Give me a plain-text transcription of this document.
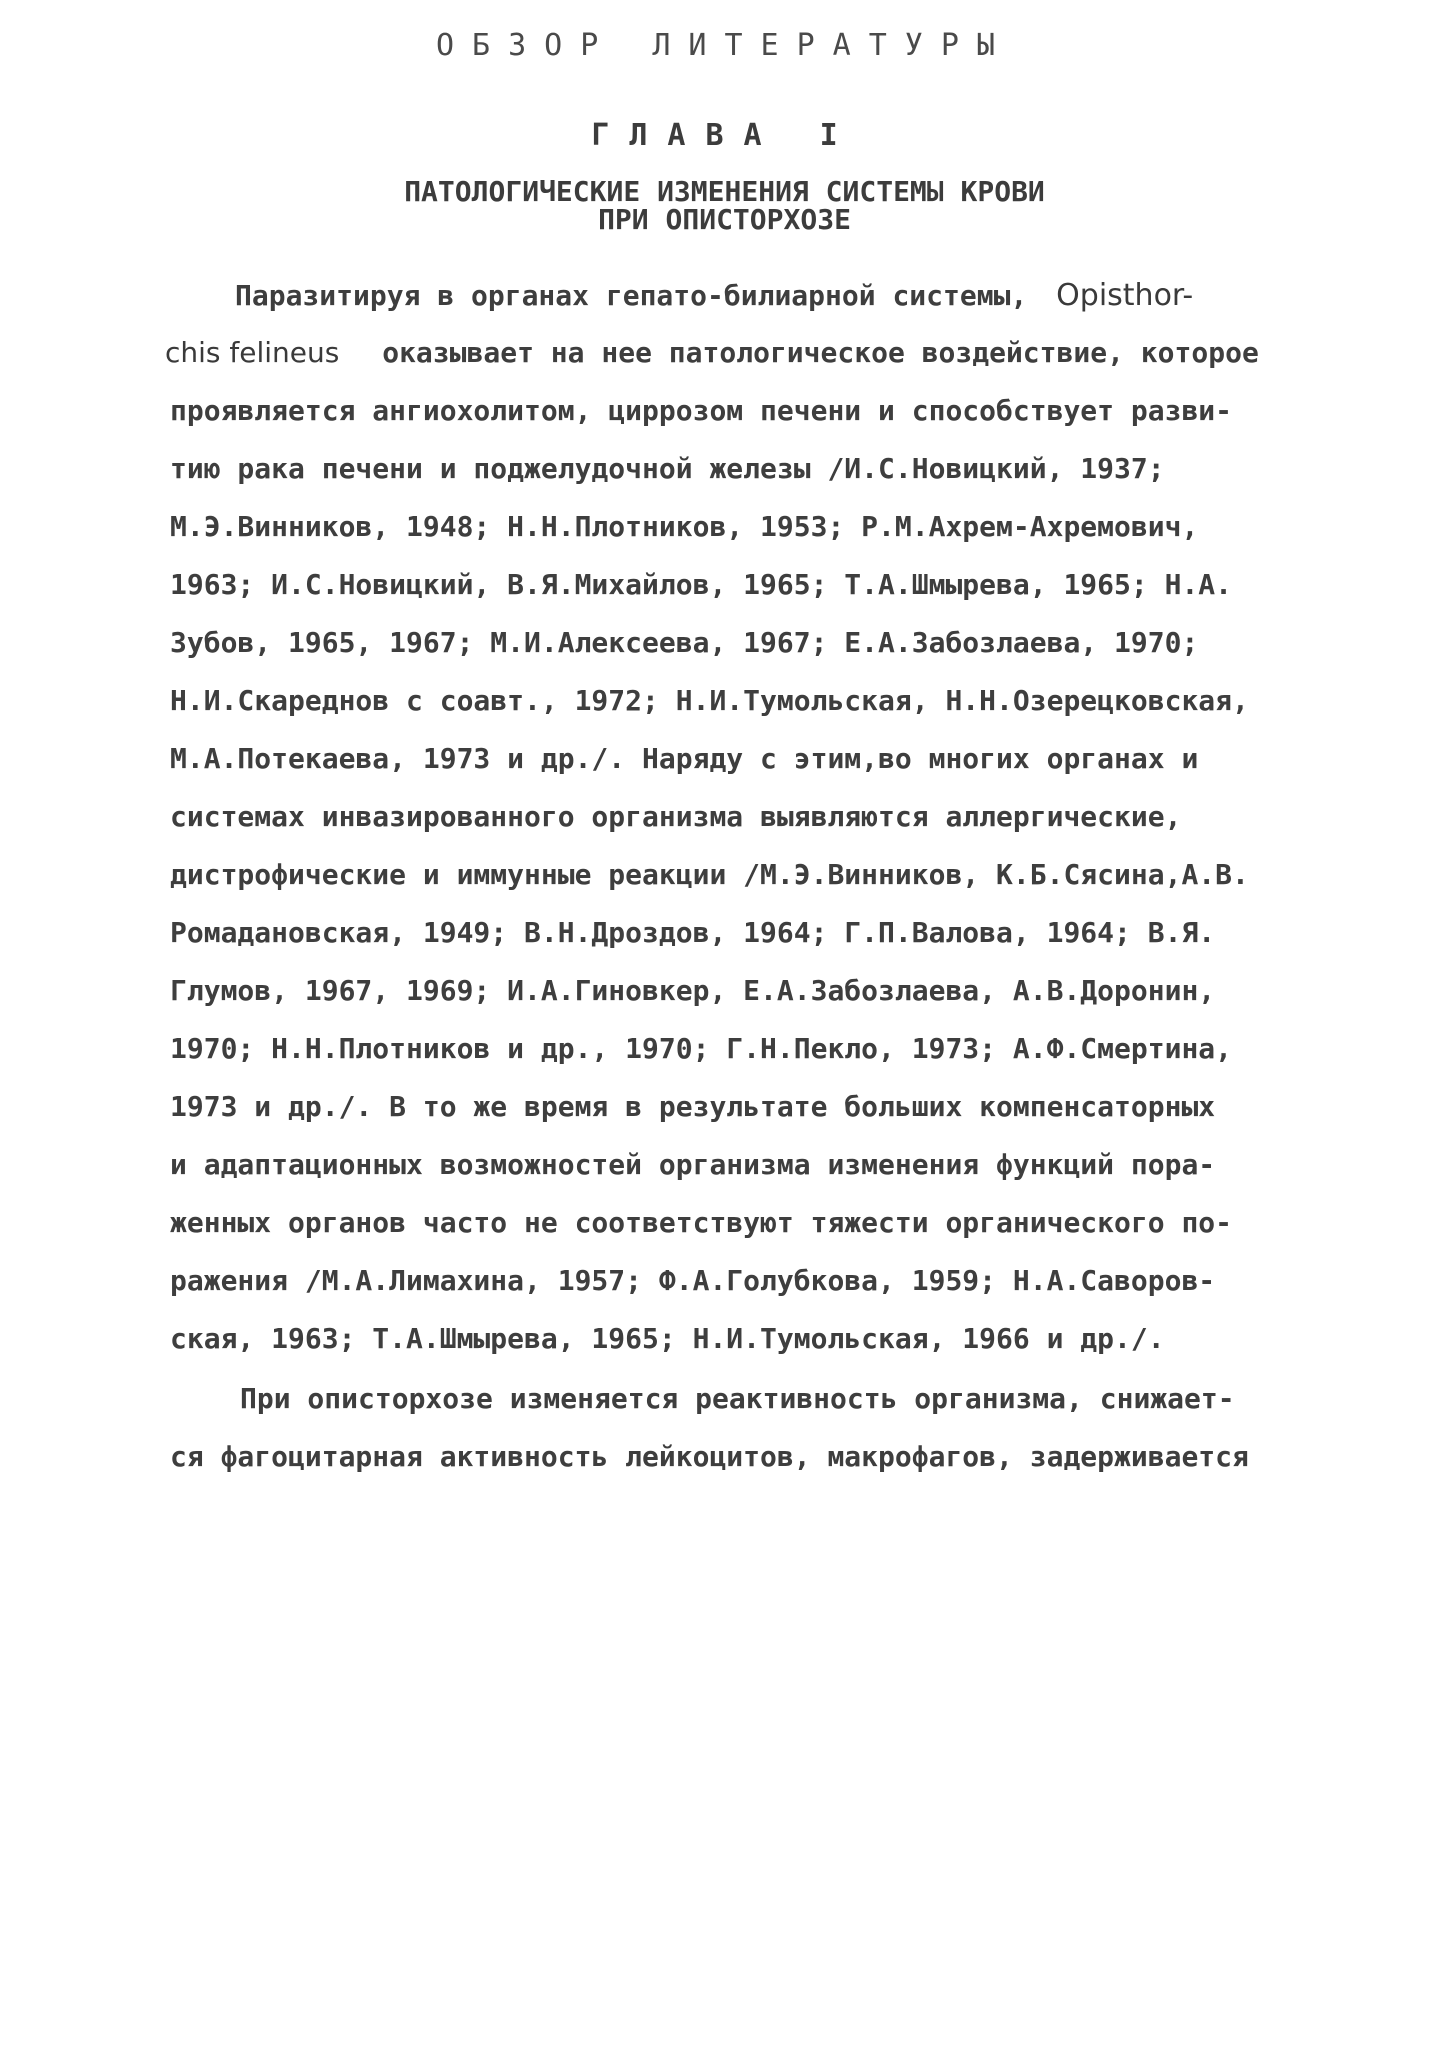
ОБЗОР ЛИТЕРАТУРЫ
ГЛАВА I
ПАТОЛОГИЧЕСКИЕ ИЗМЕНЕНИЯ СИСТЕМЫ КРОВИ
ПРИ ОПИСТОРХОЗЕ
Паразитируя в органах гепато-билиарной системы, Opisthor-
chis felineus оказывает на нее патологическое воздействие, которое
проявляется ангиохолитом, циррозом печени и способствует разви-
тию рака печени и поджелудочной железы /И.С.Новицкий, 1937;
М.Э.Винников, 1948; Н.Н.Плотников, 1953; Р.М.Ахрем-Ахремович,
1963; И.С.Новицкий, В.Я.Михайлов, 1965; Т.А.Шмырева, 1965; Н.А.
Зубов, 1965, 1967; М.И.Алексеева, 1967; Е.А.Забозлаева, 1970;
Н.И.Скареднов с соавт., 1972; Н.И.Тумольская, Н.Н.Озерецковская,
М.А.Потекаева, 1973 и др./. Наряду с этим,во многих органах и
системах инвазированного организма выявляются аллергические,
дистрофические и иммунные реакции /М.Э.Винников, К.Б.Сясина,А.В.
Ромадановская, 1949; В.Н.Дроздов, 1964; Г.П.Валова, 1964; В.Я.
Глумов, 1967, 1969; И.А.Гиновкер, Е.А.Забозлаева, А.В.Доронин,
1970; Н.Н.Плотников и др., 1970; Г.Н.Пекло, 1973; А.Ф.Смертина,
1973 и др./. В то же время в результате больших компенсаторных
и адаптационных возможностей организма изменения функций пора-
женных органов часто не соответствуют тяжести органического по-
ражения /М.А.Лимахина, 1957; Ф.А.Голубкова, 1959; Н.А.Саворов-
ская, 1963; Т.А.Шмырева, 1965; Н.И.Тумольская, 1966 и др./.
При описторхозе изменяется реактивность организма, снижает-
ся фагоцитарная активность лейкоцитов, макрофагов, задерживается
